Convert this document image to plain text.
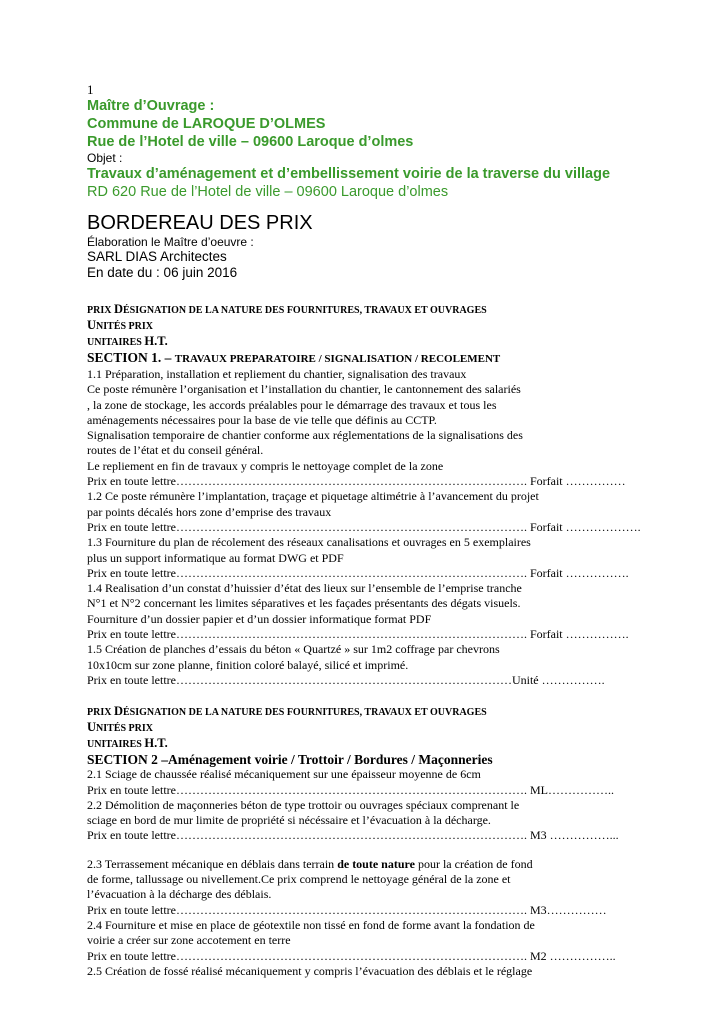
1
Maître d’Ouvrage :
Commune de LAROQUE D’OLMES
Rue de l’Hotel de ville – 09600 Laroque d’olmes
Objet :
Travaux d’aménagement et d’embellissement voirie de la traverse du village
RD 620 Rue de l’Hotel de ville – 09600 Laroque d’olmes
BORDEREAU DES PRIX
Élaboration le Maître d’oeuvre :
SARL DIAS Architectes
En date du : 06 juin 2016
PRIX DÉSIGNATION DE LA NATURE DES FOURNITURES, TRAVAUX ET OUVRAGES
UNITÉS PRIX
UNITAIRES H.T.
SECTION 1. – TRAVAUX PREPARATOIRE / SIGNALISATION / RECOLEMENT
1.1 Préparation, installation et repliement du chantier, signalisation des travaux
Ce poste rémunère l’organisation et l’installation du chantier, le cantonnement des salariés
, la zone de stockage, les accords préalables pour le démarrage des travaux et tous les
aménagements nécessaires pour la base de vie telle que définis au CCTP.
Signalisation temporaire de chantier conforme aux réglementations de la signalisations des
routes de l’état et du conseil général.
Le repliement en fin de travaux y compris le nettoyage complet de la zone
Prix en toute lettre……………………………………………………………………………. Forfait ……………
1.2 Ce poste rémunère l’implantation, traçage et piquetage altimétrie à l’avancement du projet
par points décalés hors zone d’emprise des travaux
Prix en toute lettre……………………………………………………………………………. Forfait ……………….
1.3 Fourniture du plan de récolement des réseaux canalisations et ouvrages en 5 exemplaires
plus un support informatique au format DWG et PDF
Prix en toute lettre……………………………………………………………………………. Forfait …………….
1.4 Realisation d’un constat d’huissier d’état des lieux sur l’ensemble de l’emprise tranche
N°1 et N°2 concernant les limites séparatives et les façades présentants des dégats visuels.
Fourniture d’un dossier papier et d’un dossier informatique format PDF
Prix en toute lettre……………………………………………………………………………. Forfait …………….
1.5 Création de planches d’essais du béton « Quartzé » sur 1m2 coffrage par chevrons
10x10cm sur zone planne, finition coloré balayé, silicé et imprimé.
Prix en toute lettre…………………………………………………………………………Unité …………….
PRIX DÉSIGNATION DE LA NATURE DES FOURNITURES, TRAVAUX ET OUVRAGES
UNITÉS PRIX
UNITAIRES H.T.
SECTION 2 –Aménagement voirie / Trottoir / Bordures / Maçonneries
2.1 Sciage de chaussée réalisé mécaniquement sur une épaisseur moyenne de 6cm
Prix en toute lettre……………………………………………………………………………. ML……………..
2.2 Démolition de maçonneries béton de type trottoir ou ouvrages spéciaux comprenant le
sciage en bord de mur limite de propriété si nécéssaire et l’évacuation à la décharge.
Prix en toute lettre……………………………………………………………………………. M3 ……………...
2.3 Terrassement mécanique en déblais dans terrain de toute nature pour la création de fond
de forme, tallussage ou nivellement.Ce prix comprend le nettoyage général de la zone et
l’évacuation à la décharge des déblais.
Prix en toute lettre……………………………………………………………………………. M3……………
2.4 Fourniture et mise en place de géotextile non tissé en fond de forme avant la fondation de
voirie a créer sur zone accotement en terre
Prix en toute lettre……………………………………………………………………………. M2 ……………..
2.5 Création de fossé réalisé mécaniquement y compris l’évacuation des déblais et le réglage
